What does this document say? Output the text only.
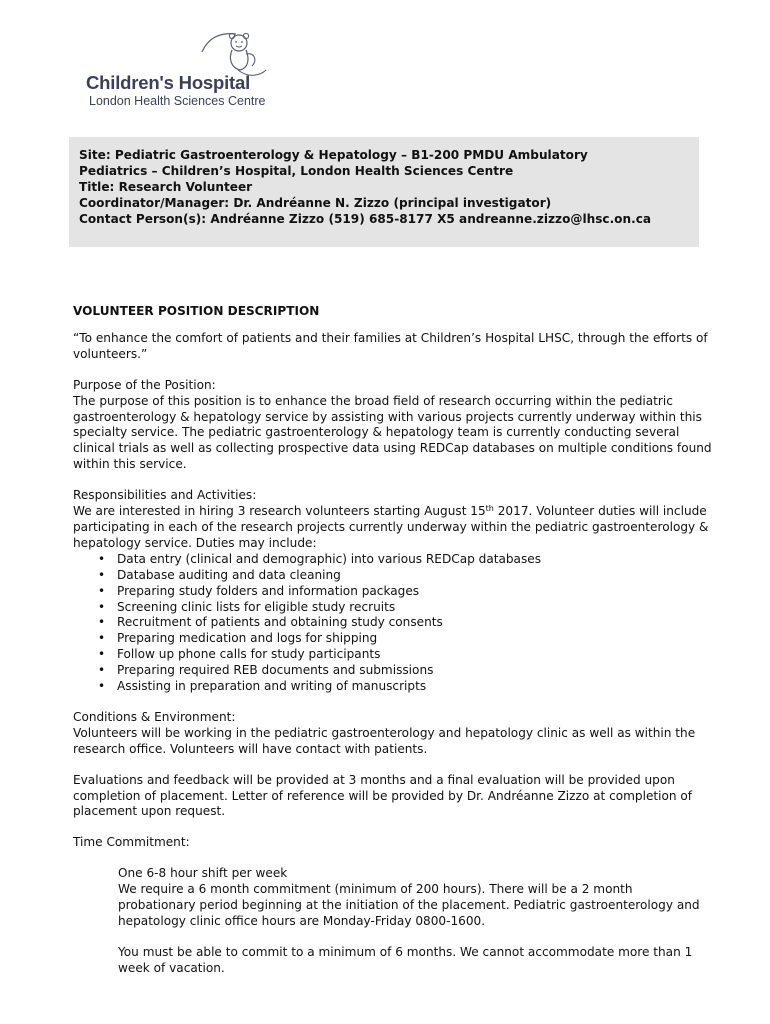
Children's Hospital
London Health Sciences Centre
Site: Pediatric Gastroenterology & Hepatology – B1-200 PMDU Ambulatory
Pediatrics – Children’s Hospital, London Health Sciences Centre
Title: Research Volunteer
Coordinator/Manager: Dr. Andréanne N. Zizzo (principal investigator)
Contact Person(s): Andréanne Zizzo (519) 685-8177 X5 andreanne.zizzo@lhsc.on.ca

VOLUNTEER POSITION DESCRIPTION

“To enhance the comfort of patients and their families at Children’s Hospital LHSC, through the efforts of volunteers.”

Purpose of the Position:

The purpose of this position is to enhance the broad field of research occurring within the pediatric gastroenterology & hepatology service by assisting with various projects currently underway within this specialty service. The pediatric gastroenterology & hepatology team is currently conducting several clinical trials as well as collecting prospective data using REDCap databases on multiple conditions found within this service.

Responsibilities and Activities:

We are interested in hiring 3 research volunteers starting August 15th 2017. Volunteer duties will include participating in each of the research projects currently underway within the pediatric gastroenterology & hepatology service. Duties may include:

• Data entry (clinical and demographic) into various REDCap databases
• Database auditing and data cleaning
• Preparing study folders and information packages
• Screening clinic lists for eligible study recruits
• Recruitment of patients and obtaining study consents
• Preparing medication and logs for shipping
• Follow up phone calls for study participants
• Preparing required REB documents and submissions
• Assisting in preparation and writing of manuscripts

Conditions & Environment:

Volunteers will be working in the pediatric gastroenterology and hepatology clinic as well as within the research office. Volunteers will have contact with patients.

Evaluations and feedback will be provided at 3 months and a final evaluation will be provided upon completion of placement. Letter of reference will be provided by Dr. Andréanne Zizzo at completion of placement upon request.

Time Commitment:

One 6-8 hour shift per week

We require a 6 month commitment (minimum of 200 hours). There will be a 2 month probationary period beginning at the initiation of the placement. Pediatric gastroenterology and hepatology clinic office hours are Monday-Friday 0800-1600.

You must be able to commit to a minimum of 6 months. We cannot accommodate more than 1 week of vacation.
